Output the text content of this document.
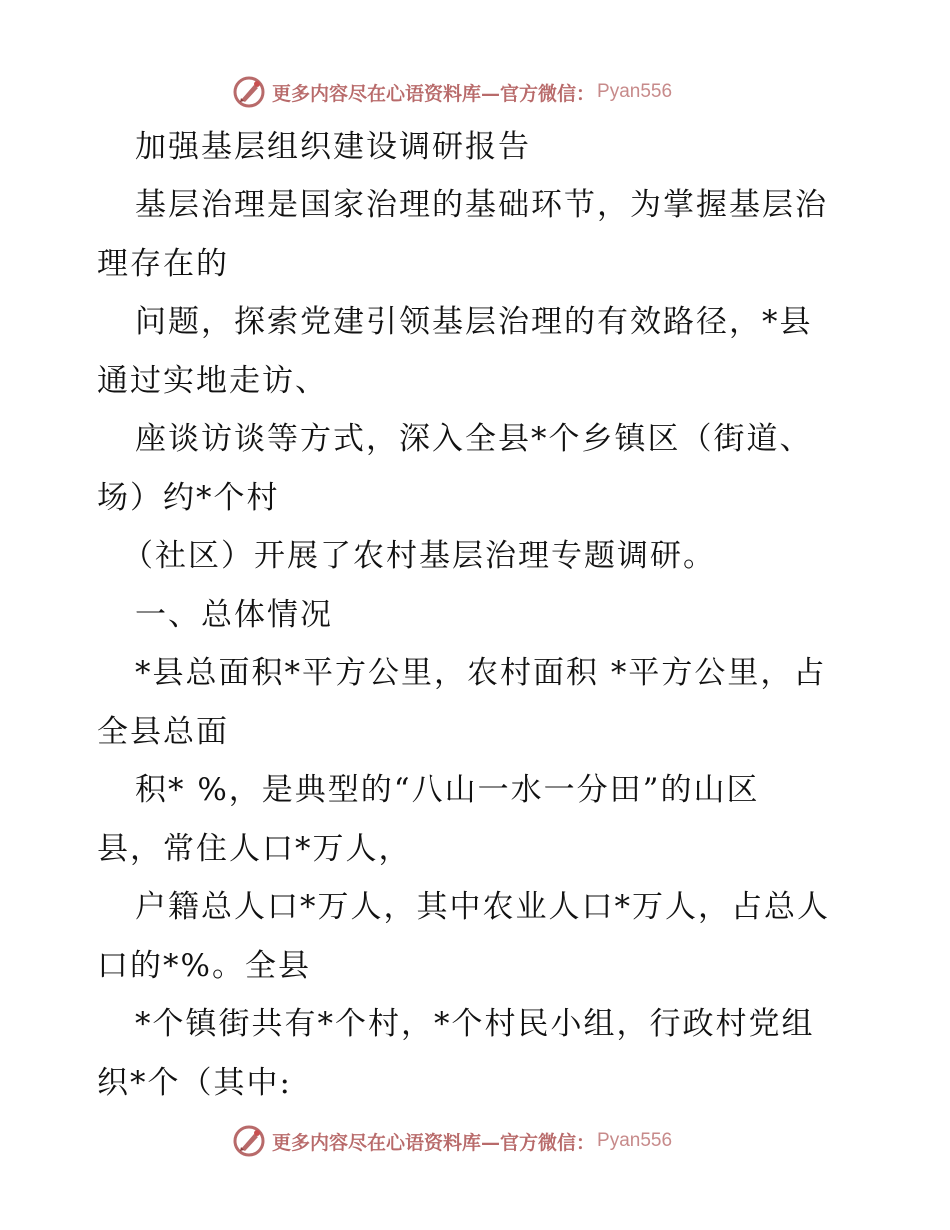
更多内容尽在心语资料库—官方微信： Pyan556
加强基层组织建设调研报告
基层治理是国家治理的基础环节，为掌握基层治
理存在的
问题，探索党建引领基层治理的有效路径，*县
通过实地走访、
座谈访谈等方式，深入全县*个乡镇区（街道、
场）约*个村
（社区）开展了农村基层治理专题调研。
一、总体情况
*县总面积*平方公里，农村面积 *平方公里，占
全县总面
积* %，是典型的“八山一水一分田”的山区
县，常住人口*万人，
户籍总人口*万人，其中农业人口*万人，占总人
口的*%。全县
*个镇街共有*个村，*个村民小组，行政村党组
织*个（其中:
更多内容尽在心语资料库—官方微信： Pyan556
